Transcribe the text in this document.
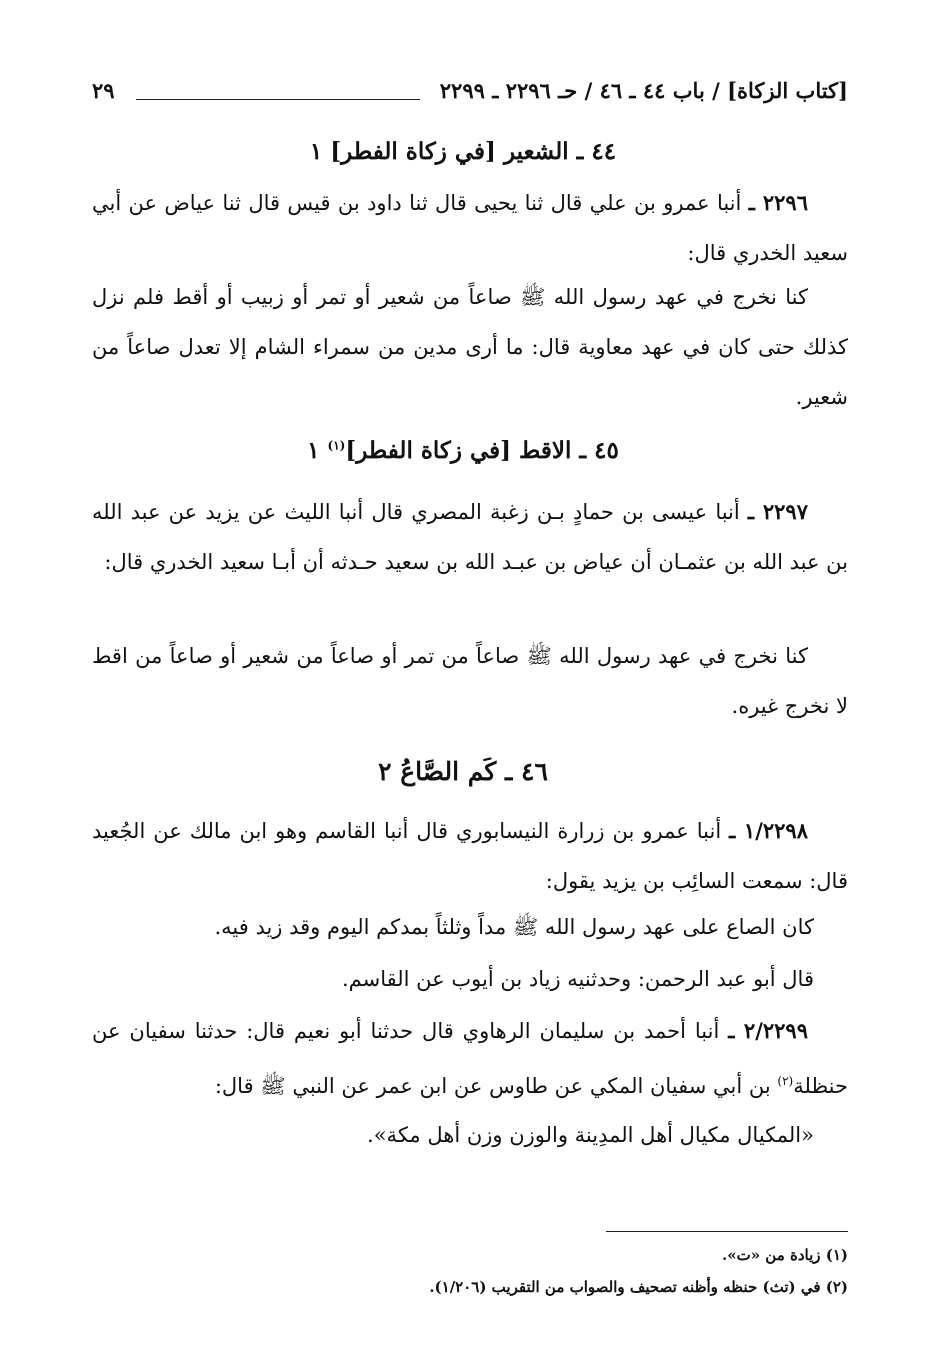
[كتاب الزكاة] / باب ٤٤ ـ ٤٦ / حـ ٢٢٩٦ ـ ٢٢٩٩
٢٩
٤٤ ـ الشعير [في زكاة الفطر] ١
٢٢٩٦ ـ أنبا عمرو بن علي قال ثنا يحيى قال ثنا داود بن قيس قال ثنا عياض عن أبي سعيد الخدري قال:
كنا نخرج في عهد رسول الله ﷺ صاعاً من شعير أو تمر أو زبيب أو أقط فلم نزل كذلك حتى كان في عهد معاوية قال: ما أرى مدين من سمراء الشام إلا تعدل صاعاً من شعير.
٤٥ ـ الاقط [في زكاة الفطر]$^{(١)}$ ١
٢٢٩٧ ـ أنبا عيسى بن حمادٍ بـن زغبة المصري قال أنبا الليث عن يزيد عن عبد الله بن عبد الله بن عثمـان أن عياض بن عبـد الله بن سعيد حـدثه أن أبـا سعيد الخدري قال:
كنا نخرج في عهد رسول الله ﷺ صاعاً من تمر أو صاعاً من شعير أو صاعاً من اقط لا نخرج غيره.
٤٦ ـ كَم الصَّاعُ ٢
١/٢٢٩٨ ـ أنبا عمرو بن زرارة النيسابوري قال أنبا القاسم وهو ابن مالك عن الجُعيد قال: سمعت السائِب بن يزيد يقول:
كان الصاع على عهد رسول الله ﷺ مداً وثلثاً بمدكم اليوم وقد زيد فيه.
قال أبو عبد الرحمن: وحدثنيه زياد بن أيوب عن القاسم.
٢/٢٢٩٩ ـ أنبا أحمد بن سليمان الرهاوي قال حدثنا أبو نعيم قال: حدثنا سفيان عن حنظلة$^{(٢)}$ بن أبي سفيان المكي عن طاوس عن ابن عمر عن النبي ﷺ قال:
«المكيال مكيال أهل المدِينة والوزن وزن أهل مكة».
(١) زيادة من «ت».
(٢) في (تث) حنظه وأظنه تصحيف والصواب من التقريب (١/٢٠٦).
